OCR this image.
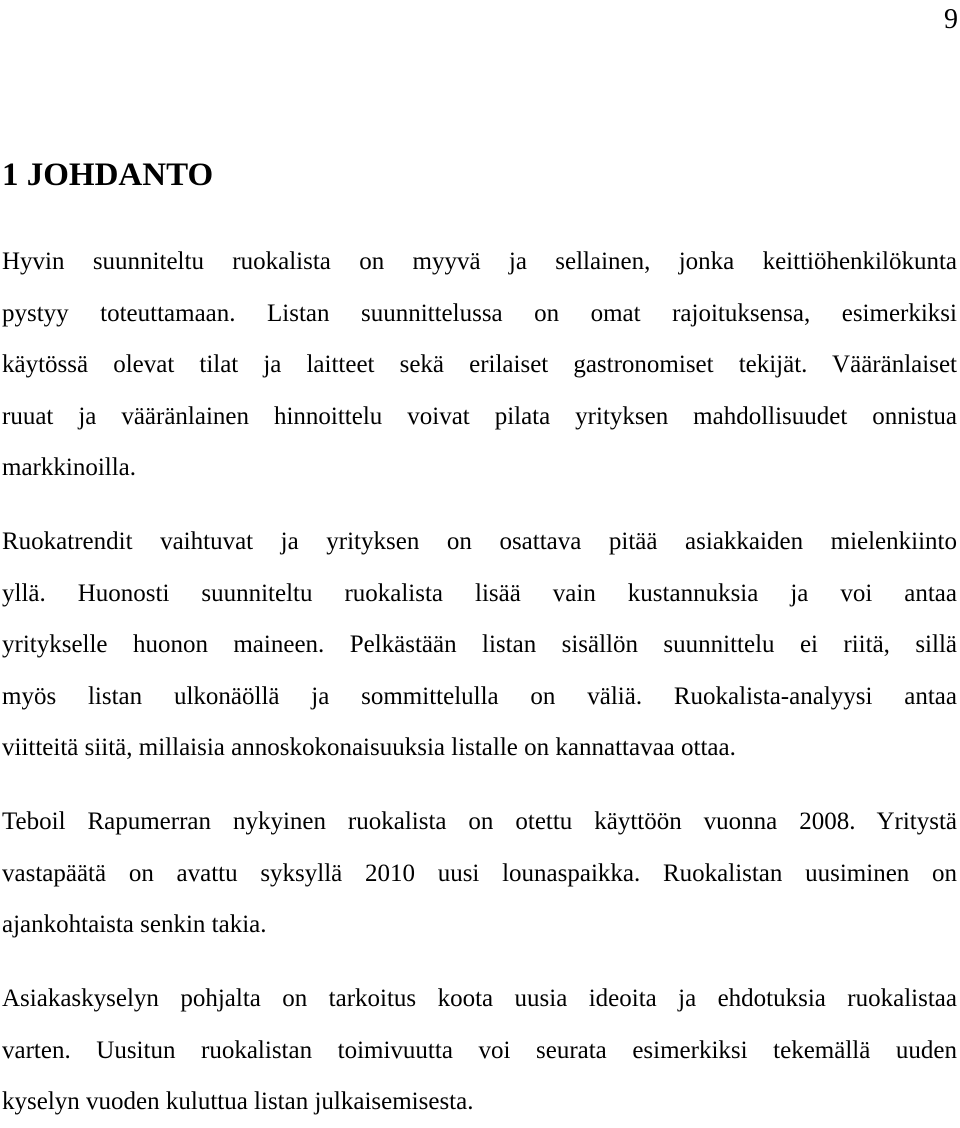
9
1 JOHDANTO
Hyvin suunniteltu ruokalista on myyvä ja sellainen, jonka keittiöhenkilökunta
pystyy toteuttamaan. Listan suunnittelussa on omat rajoituksensa, esimerkiksi
käytössä olevat tilat ja laitteet sekä erilaiset gastronomiset tekijät. Vääränlaiset
ruuat ja vääränlainen hinnoittelu voivat pilata yrityksen mahdollisuudet onnistua
markkinoilla.
Ruokatrendit vaihtuvat ja yrityksen on osattava pitää asiakkaiden mielenkiinto
yllä. Huonosti suunniteltu ruokalista lisää vain kustannuksia ja voi antaa
yritykselle huonon maineen. Pelkästään listan sisällön suunnittelu ei riitä, sillä
myös listan ulkonäöllä ja sommittelulla on väliä. Ruokalista-analyysi antaa
viitteitä siitä, millaisia annoskokonaisuuksia listalle on kannattavaa ottaa.
Teboil Rapumerran nykyinen ruokalista on otettu käyttöön vuonna 2008. Yritystä
vastapäätä on avattu syksyllä 2010 uusi lounaspaikka. Ruokalistan uusiminen on
ajankohtaista senkin takia.
Asiakaskyselyn pohjalta on tarkoitus koota uusia ideoita ja ehdotuksia ruokalistaa
varten. Uusitun ruokalistan toimivuutta voi seurata esimerkiksi tekemällä uuden
kyselyn vuoden kuluttua listan julkaisemisesta.
